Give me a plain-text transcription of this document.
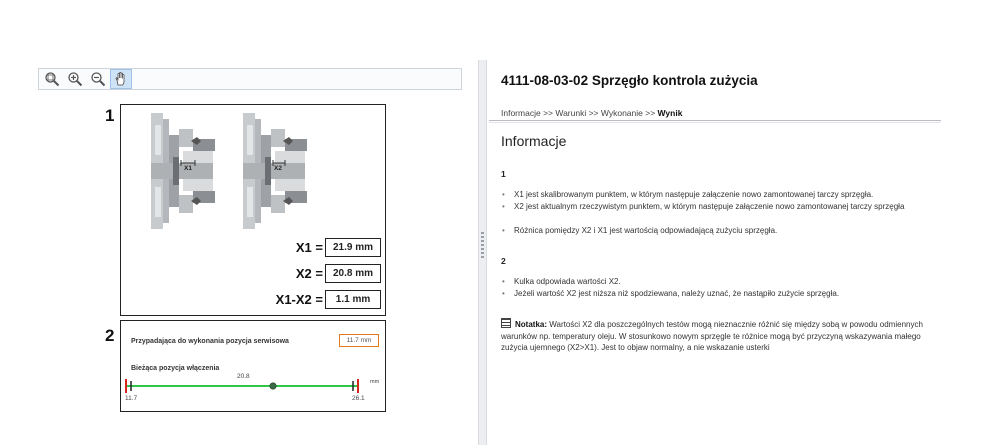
1
X1	X2
X1 = 21.9 mm
X2 = 20.8 mm
X1-X2 =	1.1 mm
2 Przypadająca do wykonania pozycja serwisowa	11.7 mm
Bieżąca pozycja włączenia
20.8
11.7	26.1
mm
4111-08-03-02 Sprzęgło kontrola zużycia
Informacje >> Warunki >> Wykonanie >> Wynik
Informacje
1
• X1 jest skalibrowanym punktem, w którym następuje załączenie nowo zamontowanej tarczy sprzęgła.
• X2 jest aktualnym rzeczywistym punktem, w którym następuje załączenie nowo zamontowanej tarczy sprzęgła
• Różnica pomiędzy X2 i X1 jest wartością odpowiadającą zużyciu sprzęgła.
2
• Kulka odpowiada wartości X2.
• Jeżeli wartość X2 jest niższa niż spodziewana, należy uznać, że nastąpiło zużycie sprzęgła.
Notatka: Wartości X2 dla poszczególnych testów mogą nieznacznie różnić się między sobą w powodu odmiennych warunków np. temperatury oleju. W stosunkowo nowym sprzęgle te różnice mogą być przyczyną wskazywania małego zużycia ujemnego (X2>X1). Jest to objaw normalny, a nie wskazanie usterki
